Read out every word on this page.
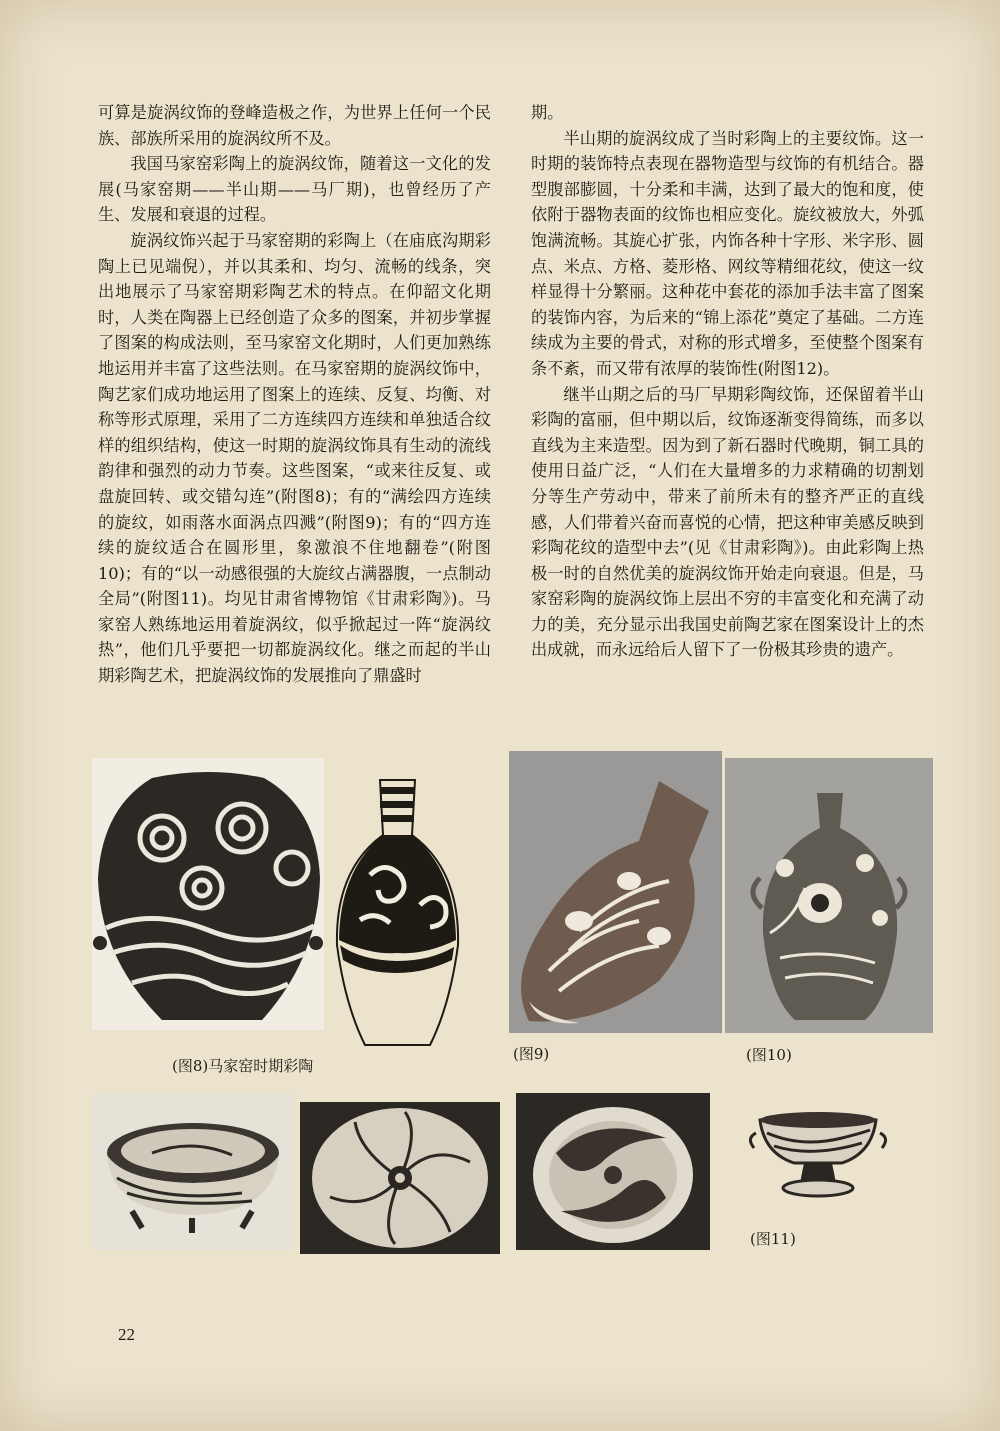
可算是旋涡纹饰的登峰造极之作，为世界上任何一个民族、部族所采用的旋涡纹所不及。

我国马家窑彩陶上的旋涡纹饰，随着这一文化的发展(马家窑期——半山期——马厂期)，也曾经历了产生、发展和衰退的过程。

旋涡纹饰兴起于马家窑期的彩陶上（在庙底沟期彩陶上已见端倪），并以其柔和、均匀、流畅的线条，突出地展示了马家窑期彩陶艺术的特点。在仰韶文化期时，人类在陶器上已经创造了众多的图案，并初步掌握了图案的构成法则，至马家窑文化期时，人们更加熟练地运用并丰富了这些法则。在马家窑期的旋涡纹饰中，陶艺家们成功地运用了图案上的连续、反复、均衡、对称等形式原理，采用了二方连续四方连续和单独适合纹样的组织结构，使这一时期的旋涡纹饰具有生动的流线韵律和强烈的动力节奏。这些图案，“或来往反复、或盘旋回转、或交错勾连”(附图8)；有的“满绘四方连续的旋纹，如雨落水面涡点四溅”(附图9)；有的“四方连续的旋纹适合在圆形里，象激浪不住地翻卷”(附图10)；有的“以一动感很强的大旋纹占满器腹，一点制动全局”(附图11)。均见甘肃省博物馆《甘肃彩陶》)。马家窑人熟练地运用着旋涡纹，似乎掀起过一阵“旋涡纹热”，他们几乎要把一切都旋涡纹化。继之而起的半山期彩陶艺术，把旋涡纹饰的发展推向了鼎盛时

期。

半山期的旋涡纹成了当时彩陶上的主要纹饰。这一时期的装饰特点表现在器物造型与纹饰的有机结合。器型腹部膨圆，十分柔和丰满，达到了最大的饱和度，使依附于器物表面的纹饰也相应变化。旋纹被放大，外弧饱满流畅。其旋心扩张，内饰各种十字形、米字形、圆点、米点、方格、菱形格、网纹等精细花纹，使这一纹样显得十分繁丽。这种花中套花的添加手法丰富了图案的装饰内容，为后来的“锦上添花”奠定了基础。二方连续成为主要的骨式，对称的形式增多，至使整个图案有条不紊，而又带有浓厚的装饰性(附图12)。

继半山期之后的马厂早期彩陶纹饰，还保留着半山彩陶的富丽，但中期以后，纹饰逐渐变得简练，而多以直线为主来造型。因为到了新石器时代晚期，铜工具的使用日益广泛，“人们在大量增多的力求精确的切割划分等生产劳动中，带来了前所未有的整齐严正的直线感，人们带着兴奋而喜悦的心情，把这种审美感反映到彩陶花纹的造型中去”(见《甘肃彩陶》)。由此彩陶上热极一时的自然优美的旋涡纹饰开始走向衰退。但是，马家窑彩陶的旋涡纹饰上层出不穷的丰富变化和充满了动力的美，充分显示出我国史前陶艺家在图案设计上的杰出成就，而永远给后人留下了一份极其珍贵的遗产。

(图8)马家窑时期彩陶
(图9)	(图10)
(图11)
22
